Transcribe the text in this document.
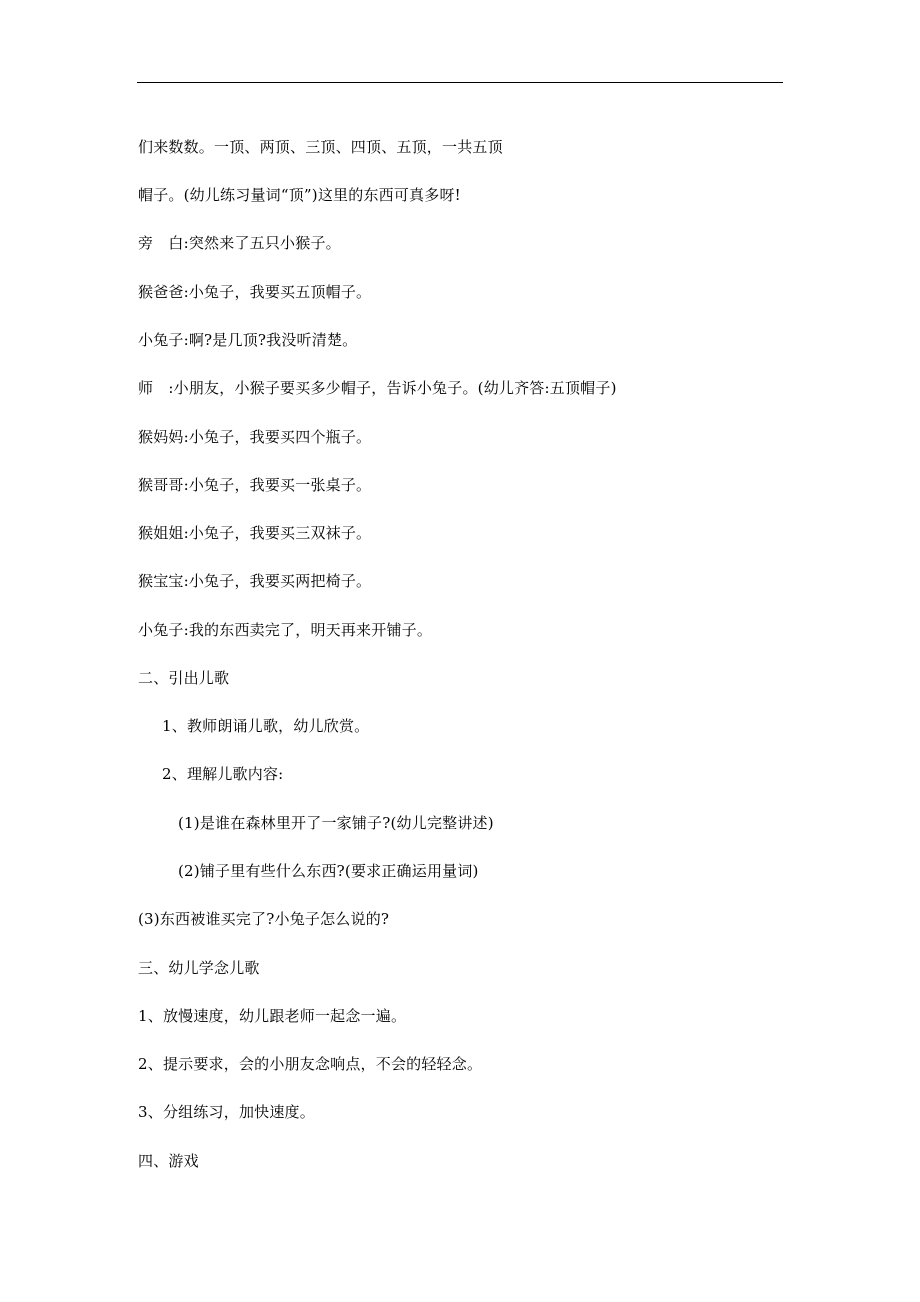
们来数数。一顶、两顶、三顶、四顶、五顶，一共五顶
帽子。(幼儿练习量词“顶”)这里的东西可真多呀!
旁　白:突然来了五只小猴子。
猴爸爸:小兔子，我要买五顶帽子。
小兔子:啊?是几顶?我没听清楚。
师　:小朋友，小猴子要买多少帽子，告诉小兔子。(幼儿齐答:五顶帽子)
猴妈妈:小兔子，我要买四个瓶子。
猴哥哥:小兔子，我要买一张桌子。
猴姐姐:小兔子，我要买三双袜子。
猴宝宝:小兔子，我要买两把椅子。
小兔子:我的东西卖完了，明天再来开铺子。
二、引出儿歌
1、教师朗诵儿歌，幼儿欣赏。
2、理解儿歌内容:
(1)是谁在森林里开了一家铺子?(幼儿完整讲述)
(2)铺子里有些什么东西?(要求正确运用量词)
(3)东西被谁买完了?小兔子怎么说的?
三、幼儿学念儿歌
1、放慢速度，幼儿跟老师一起念一遍。
2、提示要求，会的小朋友念响点，不会的轻轻念。
3、分组练习，加快速度。
四、游戏
